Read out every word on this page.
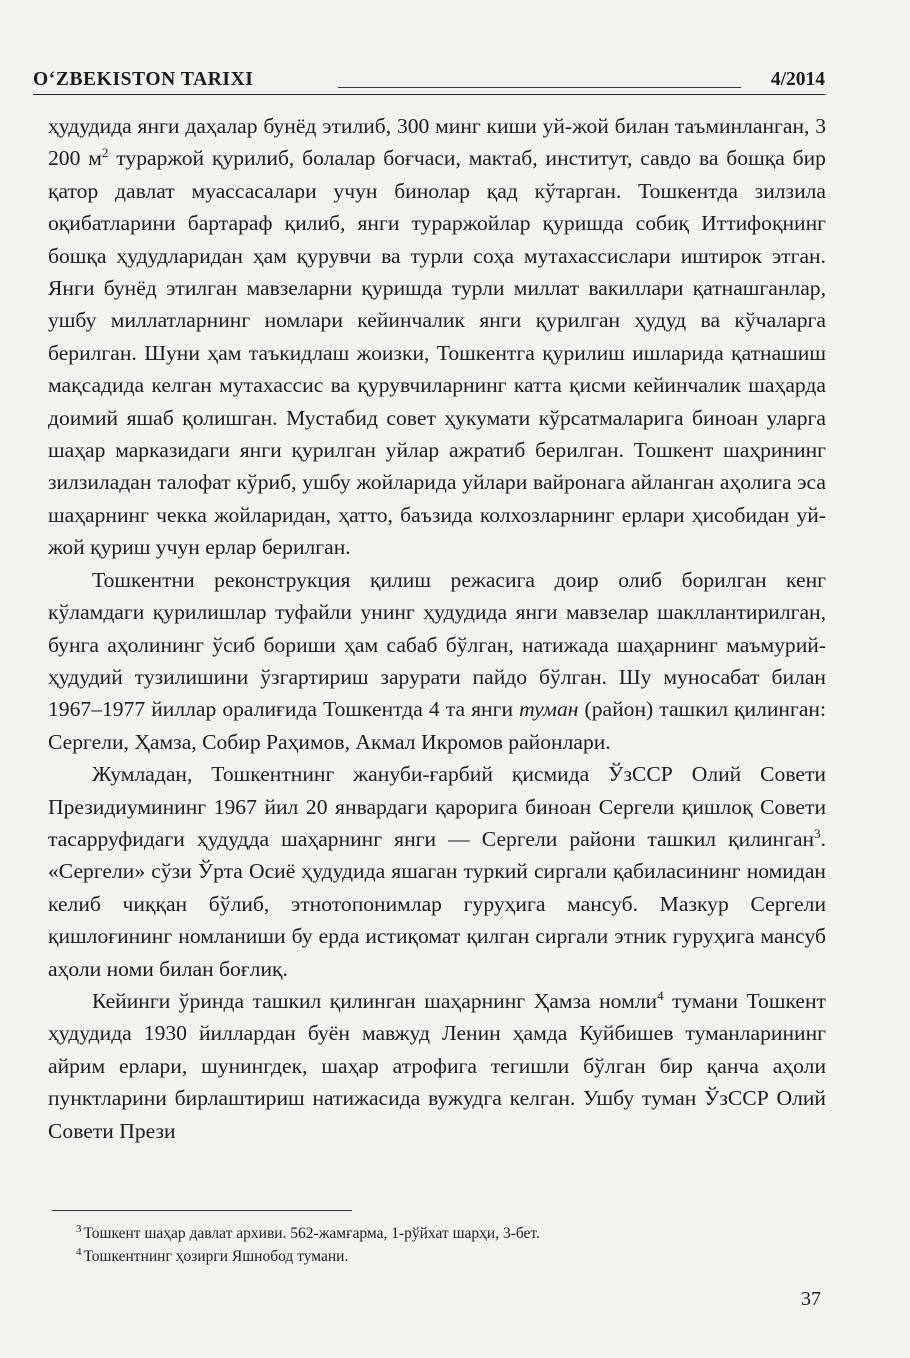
O‘ZBEKISTON TARIXI	4/2014

ҳудудида янги даҳалар бунёд этилиб, 300 минг киши уй-жой билан таъминланган, 3 200 $м^2$ тураржой қурилиб, болалар боғчаси, мактаб, институт, савдо ва бошқа бир қатор давлат муассасалари учун бинолар қад кўтарган. Тошкентда зилзила оқибатларини бартараф қилиб, янги тураржойлар қуришда собиқ Иттифоқнинг бошқа ҳудудларидан ҳам қурувчи ва турли соҳа мутахассислари иштирок этган. Янги бунёд этилган мавзеларни қуришда турли миллат вакиллари қатнашганлар, ушбу миллатларнинг номлари кейинчалик янги қурилган ҳудуд ва кўчаларга берилган. Шуни ҳам таъкидлаш жоизки, Тошкентга қурилиш ишларида қатнашиш мақсадида келган мутахассис ва қурувчиларнинг катта қисми кейинчалик шаҳарда доимий яшаб қолишган. Мустабид совет ҳукумати кўрсатмаларига биноан уларга шаҳар марказидаги янги қурилган уйлар ажратиб берилган. Тошкент шаҳрининг зилзиладан талофат кўриб, ушбу жойларида уйлари вайронага айланган аҳолига эса шаҳарнинг чекка жойларидан, ҳатто, баъзида колхозларнинг ерлари ҳисобидан уй-жой қуриш учун ерлар берилган.

Тошкентни реконструкция қилиш режасига доир олиб борилган кенг кўламдаги қурилишлар туфайли унинг ҳудудида янги мавзелар шакллантирилган, бунга аҳолининг ўсиб бориши ҳам сабаб бўлган, натижада шаҳарнинг маъмурий-ҳудудий тузилишини ўзгартириш зарурати пайдо бўлган. Шу муносабат билан 1967–1977 йиллар оралиғида Тошкентда 4 та янги туман (район) ташкил қилинган: Сергели, Ҳамза, Собир Раҳимов, Акмал Икромов районлари.

Жумладан, Тошкентнинг жануби-ғарбий қисмида ЎзССР Олий Совети Президиумининг 1967 йил 20 январдаги қарорига биноан Сергели қишлоқ Совети тасарруфидаги ҳудудда шаҳарнинг янги — Сергели райони ташкил қилинган$^3$. «Сергели» сўзи Ўрта Осиё ҳудудида яшаган туркий сиргали қабиласининг номидан келиб чиққан бўлиб, этнотопонимлар гуруҳига мансуб. Мазкур Сергели қишлоғининг номланиши бу ерда истиқомат қилган сиргали этник гуруҳига мансуб аҳоли номи билан боғлиқ.

Кейинги ўринда ташкил қилинган шаҳарнинг Ҳамза номли$^4$ тумани Тошкент ҳудудида 1930 йиллардан буён мавжуд Ленин ҳамда Куйбишев туманларининг айрим ерлари, шунингдек, шаҳар атрофига тегишли бўлган бир қанча аҳоли пунктларини бирлаштириш натижасида вужудга келган. Ушбу туман ЎзССР Олий Совети Прези

$^3$ Тошкент шаҳар давлат архиви. 562-жамғарма, 1-рўйхат шарҳи, 3-бет.
$^4$ Тошкентнинг ҳозирги Яшнобод тумани.
37
